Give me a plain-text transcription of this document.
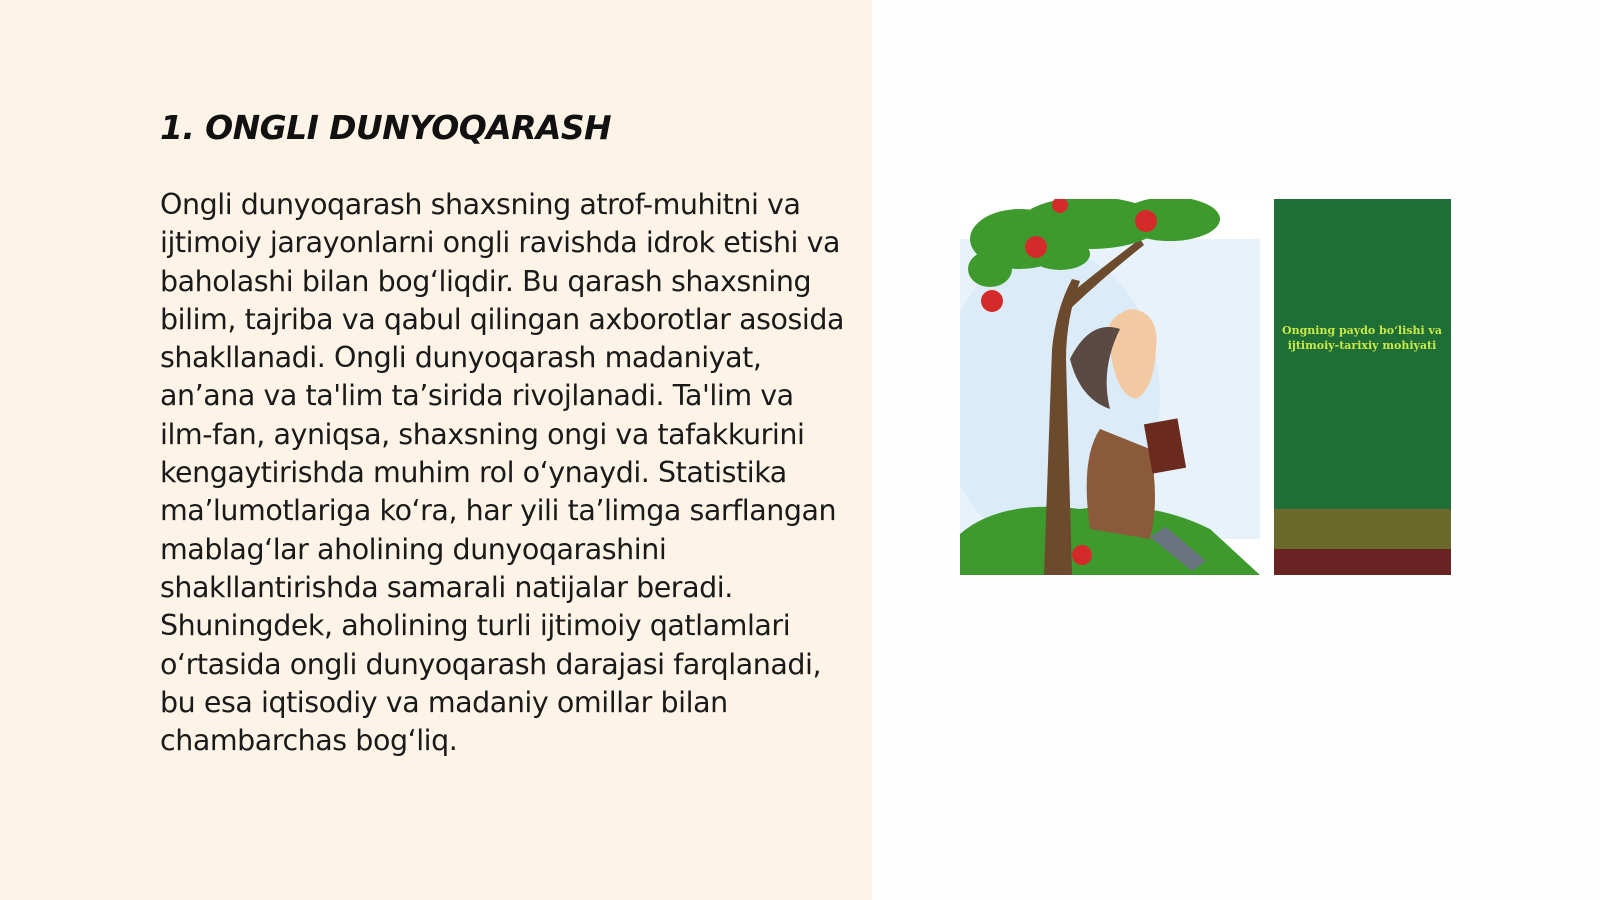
1. ONGLI DUNYOQARASH

Ongli dunyoqarash shaxsning atrof-muhitni va ijtimoiy jarayonlarni ongli ravishda idrok etishi va baholashi bilan bog‘liqdir. Bu qarash shaxsning bilim, tajriba va qabul qilingan axborotlar asosida shakllanadi. Ongli dunyoqarash madaniyat, an’ana va ta'lim ta’sirida rivojlanadi. Ta'lim va ilm-fan, ayniqsa, shaxsning ongi va tafakkurini kengaytirishda muhim rol o‘ynaydi. Statistika ma’lumotlariga ko‘ra, har yili ta’limga sarflangan mablag‘lar aholining dunyoqarashini shakllantirishda samarali natijalar beradi. Shuningdek, aholining turli ijtimoiy qatlamlari o‘rtasida ongli dunyoqarash darajasi farqlanadi, bu esa iqtisodiy va madaniy omillar bilan chambarchas bog‘liq.

Ongning paydo bo‘lishi va ijtimoiy-tarixiy mohiyati
